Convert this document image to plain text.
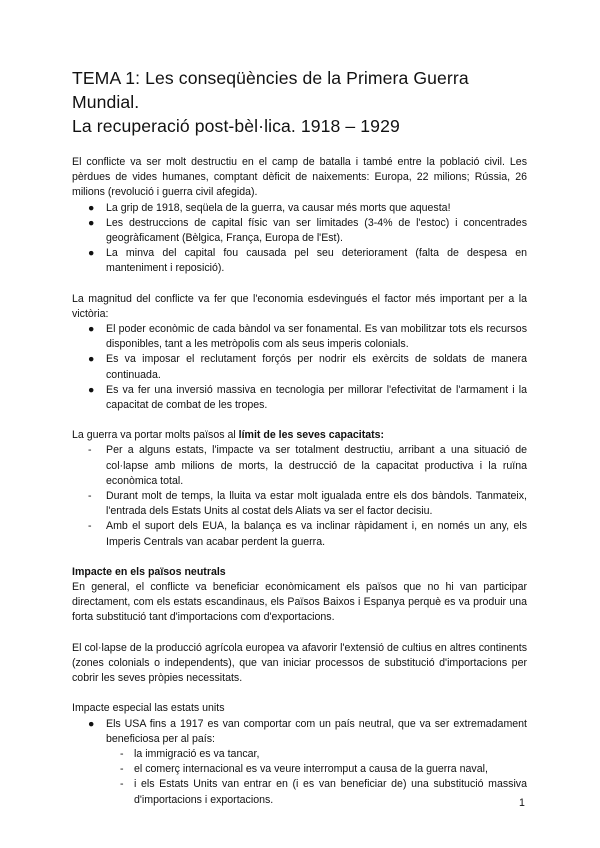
TEMA 1: Les conseqüències de la Primera Guerra Mundial.
La recuperació post-bèl·lica. 1918 – 1929

El conflicte va ser molt destructiu en el camp de batalla i també entre la població civil. Les pèrdues de vides humanes, comptant dèficit de naixements: Europa, 22 milions; Rússia, 26 milions (revolució i guerra civil afegida).

● La grip de 1918, seqüela de la guerra, va causar més morts que aquesta!
● Les destruccions de capital físic van ser limitades (3-4% de l'estoc) i concentrades geogràficament (Bèlgica, França, Europa de l'Est).
● La minva del capital fou causada pel seu deteriorament (falta de despesa en manteniment i reposició).

La magnitud del conflicte va fer que l'economia esdevingués el factor més important per a la victòria:

● El poder econòmic de cada bàndol va ser fonamental. Es van mobilitzar tots els recursos disponibles, tant a les metròpolis com als seus imperis colonials.
● Es va imposar el reclutament forçós per nodrir els exèrcits de soldats de manera continuada.
● Es va fer una inversió massiva en tecnologia per millorar l'efectivitat de l'armament i la capacitat de combat de les tropes.

La guerra va portar molts països al límit de les seves capacitats:

- Per a alguns estats, l'impacte va ser totalment destructiu, arribant a una situació de col·lapse amb milions de morts, la destrucció de la capacitat productiva i la ruïna econòmica total.
- Durant molt de temps, la lluita va estar molt igualada entre els dos bàndols. Tanmateix, l'entrada dels Estats Units al costat dels Aliats va ser el factor decisiu.
- Amb el suport dels EUA, la balança es va inclinar ràpidament i, en només un any, els Imperis Centrals van acabar perdent la guerra.

Impacte en els països neutrals

En general, el conflicte va beneficiar econòmicament els països que no hi van participar directament, com els estats escandinaus, els Països Baixos i Espanya perquè es va produir una forta substitució tant d'importacions com d'exportacions.

El col·lapse de la producció agrícola europea va afavorir l'extensió de cultius en altres continents (zones colonials o independents), que van iniciar processos de substitució d'importacions per cobrir les seves pròpies necessitats.

Impacte especial las estats units

● Els USA fins a 1917 es van comportar com un país neutral, que va ser extremadament beneficiosa per al país:
- la immigració es va tancar,
- el comerç internacional es va veure interromput a causa de la guerra naval,
- i els Estats Units van entrar en (i es van beneficiar de) una substitució massiva d'importacions i exportacions.	1
